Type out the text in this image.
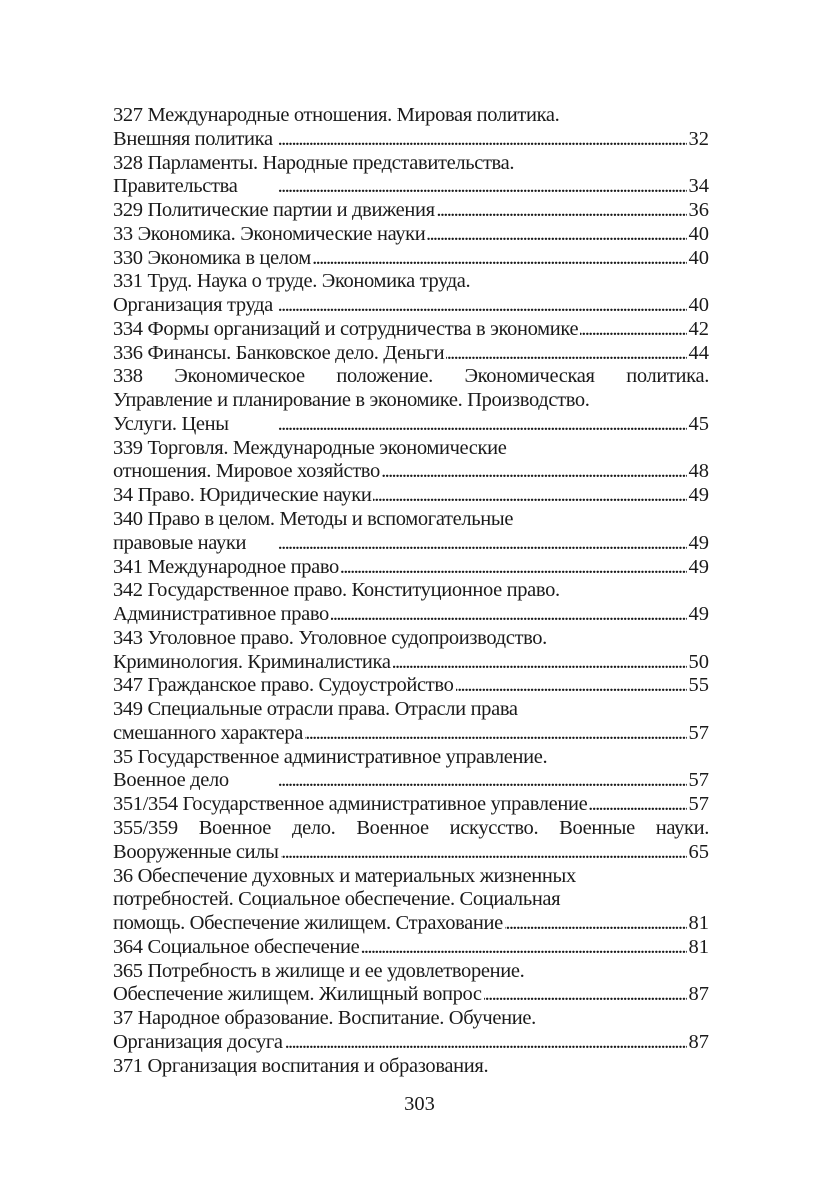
327 Международные отношения. Мировая политика.
Внешняя политика . . .	32
328 Парламенты. Народные представительства.
Правительства . . .	34
329 Политические партии и движения . . .	36
33 Экономика. Экономические науки . . .	40
330 Экономика в целом . . .	40
331 Труд. Наука о труде. Экономика труда.
Организация труда . . .	40
334 Формы организаций и сотрудничества в экономике . . .	42
336 Финансы. Банковское дело. Деньги . . .	44
338 Экономическое положение. Экономическая политика.
Управление и планирование в экономике. Производство.
Услуги. Цены . . .	45
339 Торговля. Международные экономические
отношения. Мировое хозяйство . . .	48
34 Право. Юридические науки . . .	49
340 Право в целом. Методы и вспомогательные
правовые науки . . .	49
341 Международное право . . .	49
342 Государственное право. Конституционное право.
Административное право . . .	49
343 Уголовное право. Уголовное судопроизводство.
Криминология. Криминалистика . . .	50
347 Гражданское право. Судоустройство . . .	55
349 Специальные отрасли права. Отрасли права
смешанного характера . . .	57
35 Государственное административное управление.
Военное дело . . .	57
351/354 Государственное административное управление . . .	57
355/359 Военное дело. Военное искусство. Военные науки.
Вооруженные силы . . .	65
36 Обеспечение духовных и материальных жизненных
потребностей. Социальное обеспечение. Социальная
помощь. Обеспечение жилищем. Страхование . . .	81
364 Социальное обеспечение . . .	81
365 Потребность в жилище и ее удовлетворение.
Обеспечение жилищем. Жилищный вопрос . . .	87
37 Народное образование. Воспитание. Обучение.
Организация досуга . . .	87
371 Организация воспитания и образования.
303
